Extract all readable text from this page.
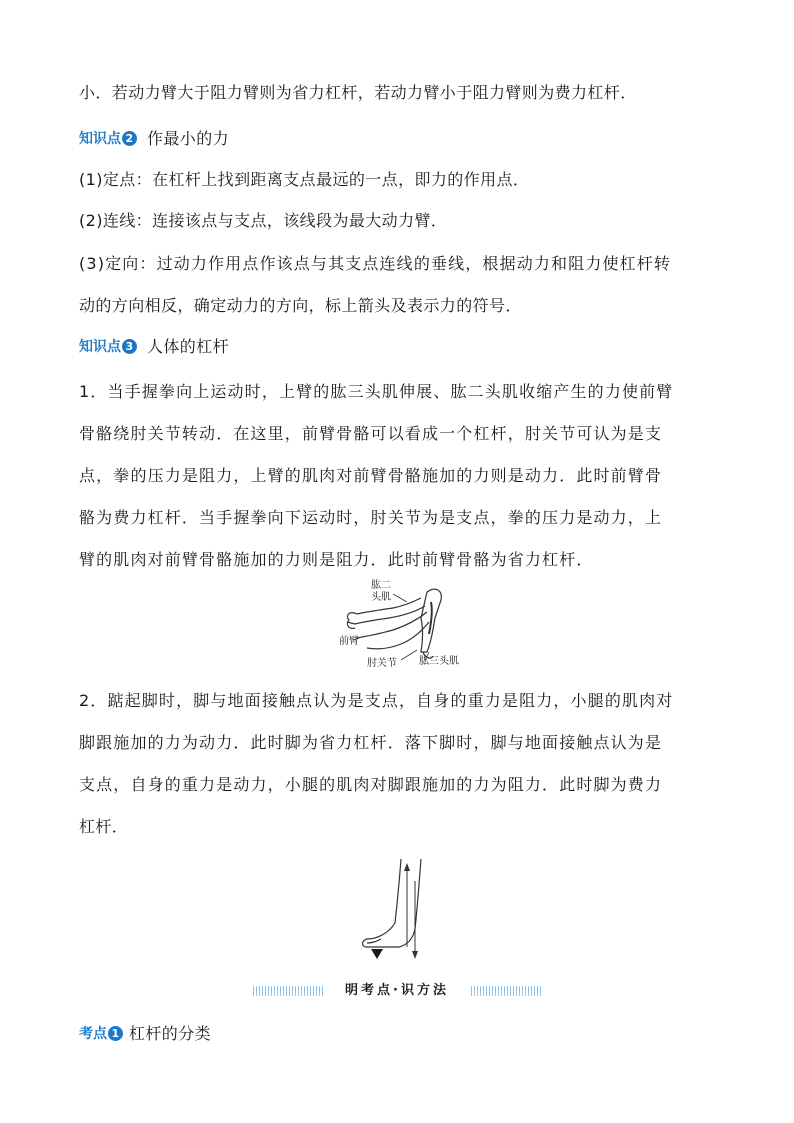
小．若动力臂大于阻力臂则为省力杠杆，若动力臂小于阻力臂则为费力杠杆．
知识点 2 作最小的力
(1)定点：在杠杆上找到距离支点最远的一点，即力的作用点．
(2)连线：连接该点与支点，该线段为最大动力臂．
(3)定向：过动力作用点作该点与其支点连线的垂线，根据动力和阻力使杠杆转
动的方向相反，确定动力的方向，标上箭头及表示力的符号．
知识点 3 人体的杠杆
1．当手握拳向上运动时，上臂的肱三头肌伸展、肱二头肌收缩产生的力使前臂
骨骼绕肘关节转动．在这里，前臂骨骼可以看成一个杠杆，肘关节可认为是支
点，拳的压力是阻力，上臂的肌肉对前臂骨骼施加的力则是动力．此时前臂骨
骼为费力杠杆．当手握拳向下运动时，肘关节为是支点，拳的压力是动力，上
臂的肌肉对前臂骨骼施加的力则是阻力．此时前臂骨骼为省力杠杆．
肱二
头肌
前臂
肘关节 肱三头肌
2．踮起脚时，脚与地面接触点认为是支点，自身的重力是阻力，小腿的肌肉对
脚跟施加的力为动力．此时脚为省力杠杆．落下脚时，脚与地面接触点认为是
支点，自身的重力是动力，小腿的肌肉对脚跟施加的力为阻力．此时脚为费力
杠杆．
明考点·识方法
考点 1 杠杆的分类
